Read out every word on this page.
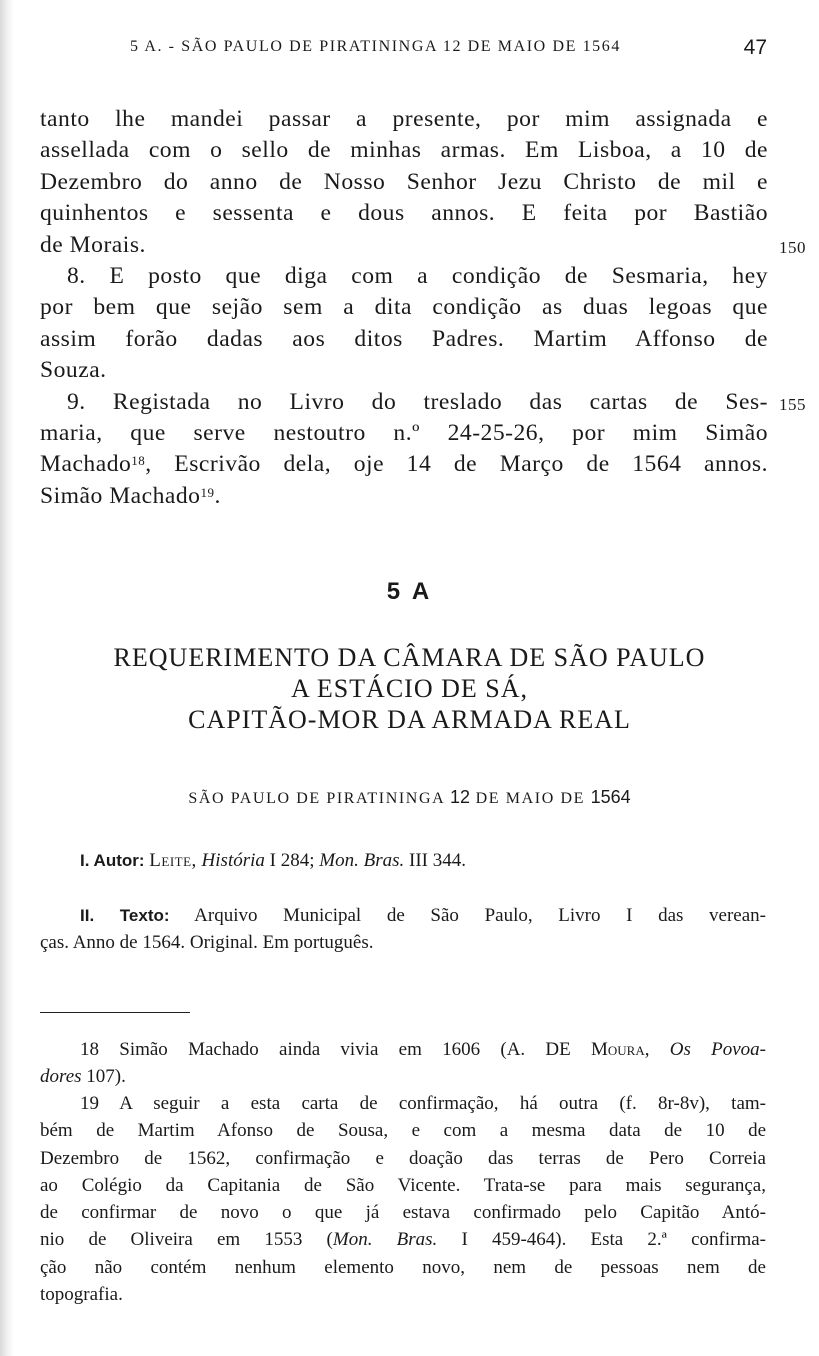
5 A. - SÃO PAULO DE PIRATININGA 12 DE MAIO DE 1564	47
tanto lhe mandei passar a presente, por mim assignada e
assellada com o sello de minhas armas. Em Lisboa, a 10 de
Dezembro do anno de Nosso Senhor Jezu Christo de mil e
quinhentos e sessenta e dous annos. E feita por Bastião
de Morais.	150
8. E posto que diga com a condição de Sesmaria, hey
por bem que sejão sem a dita condição as duas legoas que
assim forão dadas aos ditos Padres. Martim Affonso de
Souza.
9. Registada no Livro do treslado das cartas de Ses- 155
maria, que serve nestoutro n.º 24-25-26, por mim Simão
Machado$^{18}$, Escrivão dela, oje 14 de Março de 1564 annos.
Simão Machado$^{19}$.
5 A
REQUERIMENTO DA CÂMARA DE SÃO PAULO
A ESTÁCIO DE SÁ,
CAPITÃO-MOR DA ARMADA REAL
SÃO PAULO DE PIRATININGA 12 DE MAIO DE 1564
I. Autor: Leite, História I 284; Mon. Bras. III 344.
II. Texto: Arquivo Municipal de São Paulo, Livro I das verean-
ças. Anno de 1564. Original. Em português.
18 Simão Machado ainda vivia em 1606 (A. DE Moura, Os Povoa-
dores 107).
19 A seguir a esta carta de confirmação, há outra (f. 8r-8v), tam-
bém de Martim Afonso de Sousa, e com a mesma data de 10 de
Dezembro de 1562, confirmação e doação das terras de Pero Correia
ao Colégio da Capitania de São Vicente. Trata-se para mais segurança,
de confirmar de novo o que já estava confirmado pelo Capitão Antó-
nio de Oliveira em 1553 (Mon. Bras. I 459-464). Esta 2.ª confirma-
ção não contém nenhum elemento novo, nem de pessoas nem de
topografia.
